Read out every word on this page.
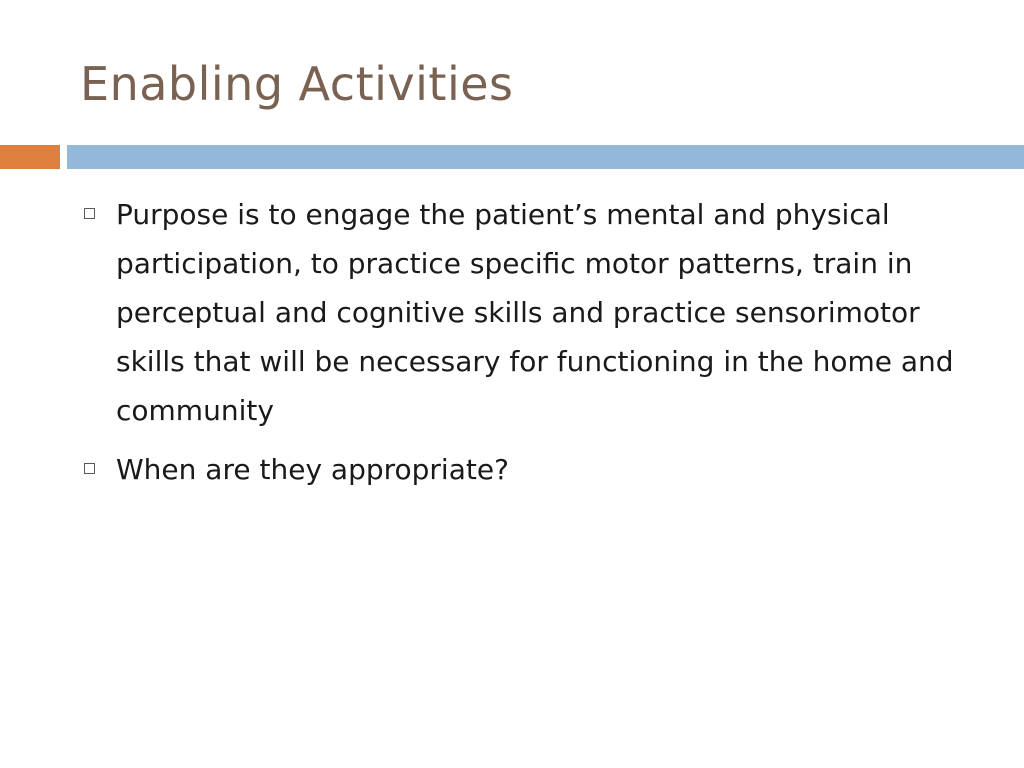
Enabling Activities
Purpose is to engage the patient’s mental and physical participation, to practice specific motor patterns, train in perceptual and cognitive skills and practice sensorimotor skills that will be necessary for functioning in the home and community
When are they appropriate?
